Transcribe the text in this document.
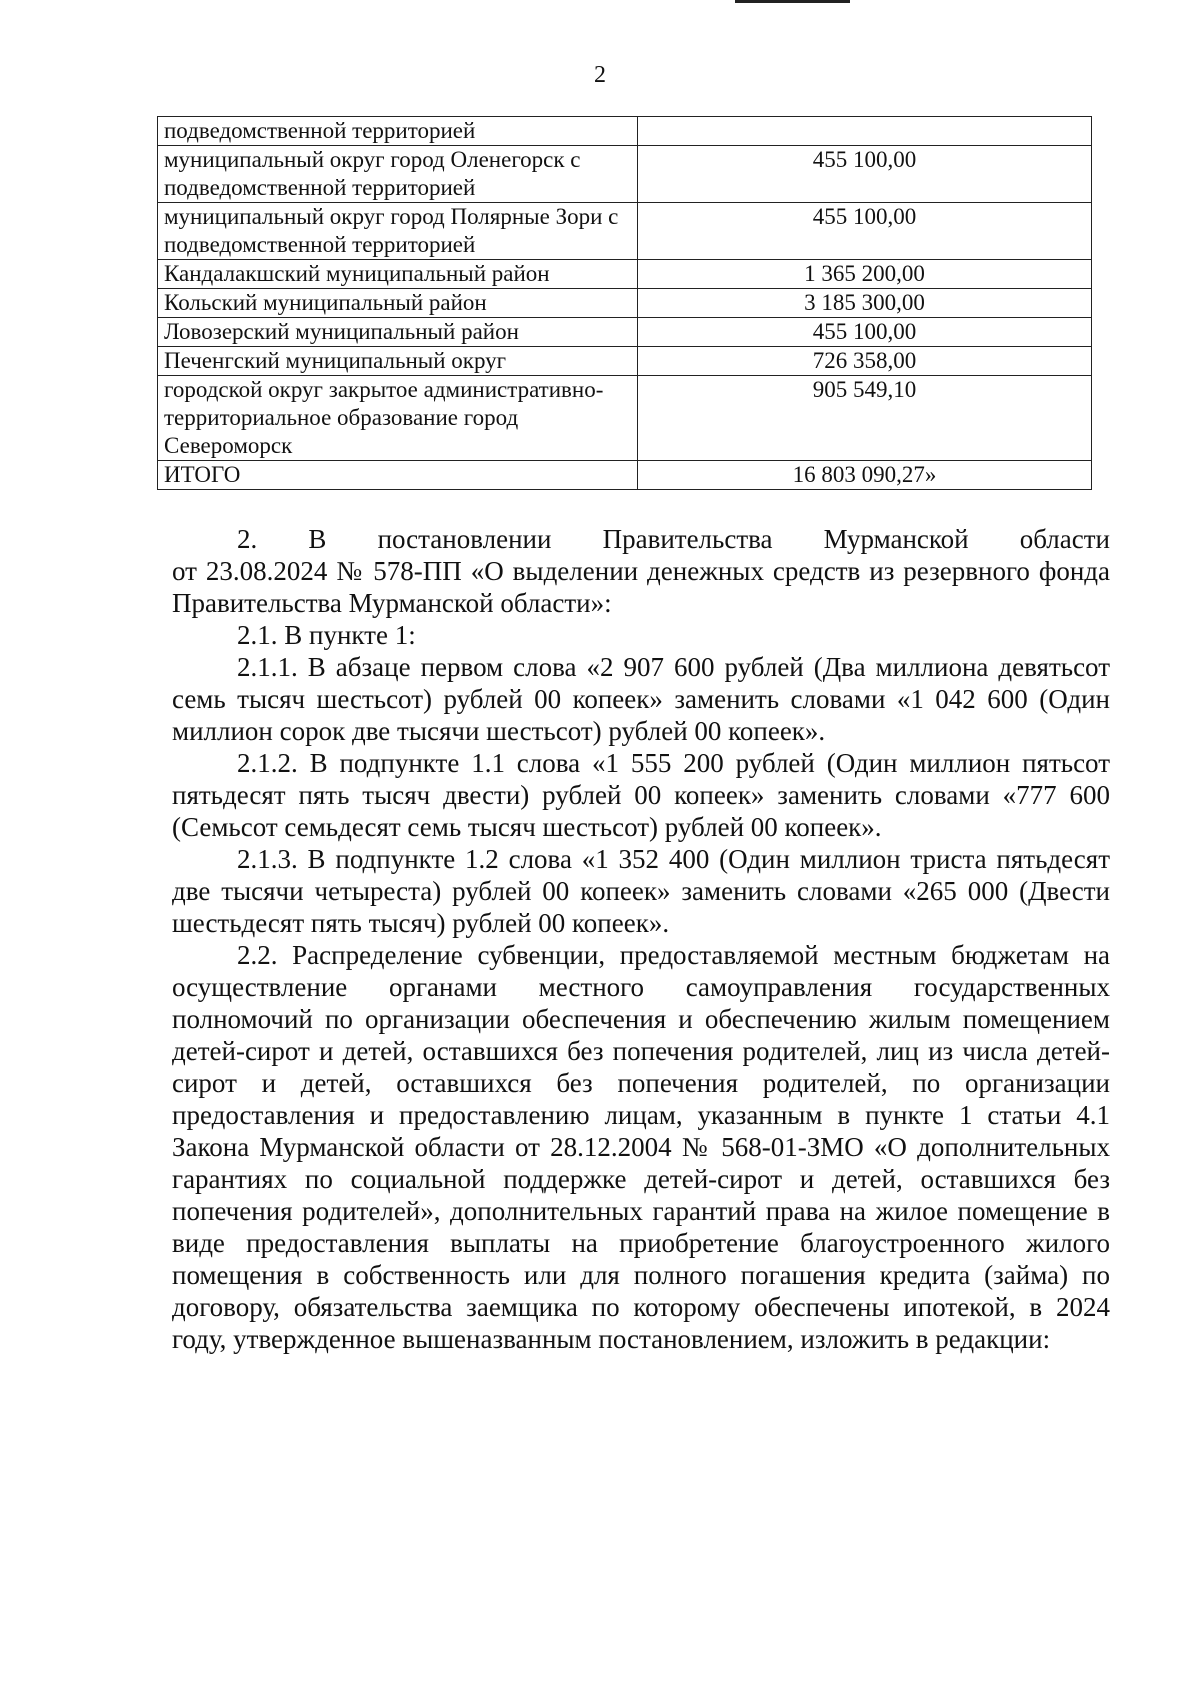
2
подведомственной территорией	
муниципальный округ город Оленегорск с подведомственной территорией	455 100,00
муниципальный округ город Полярные Зори с подведомственной территорией	455 100,00
Кандалакшский муниципальный район	1 365 200,00
Кольский муниципальный район	3 185 300,00
Ловозерский муниципальный район	455 100,00
Печенгский муниципальный округ	726 358,00
городской округ закрытое административно-территориальное образование город Североморск	905 549,10
ИТОГО	16 803 090,27»

2. В постановлении Правительства Мурманской области

от 23.08.2024 № 578-ПП «О выделении денежных средств из резервного фонда Правительства Мурманской области»:

2.1. В пункте 1:

2.1.1. В абзаце первом слова «2 907 600 рублей (Два миллиона девятьсот семь тысяч шестьсот) рублей 00 копеек» заменить словами «1 042 600 (Один миллион сорок две тысячи шестьсот) рублей 00 копеек».

2.1.2. В подпункте 1.1 слова «1 555 200 рублей (Один миллион пятьсот пятьдесят пять тысяч двести) рублей 00 копеек» заменить словами «777 600 (Семьсот семьдесят семь тысяч шестьсот) рублей 00 копеек».

2.1.3. В подпункте 1.2 слова «1 352 400 (Один миллион триста пятьдесят две тысячи четыреста) рублей 00 копеек» заменить словами «265 000 (Двести шестьдесят пять тысяч) рублей 00 копеек».

2.2. Распределение субвенции, предоставляемой местным бюджетам на осуществление органами местного самоуправления государственных полномочий по организации обеспечения и обеспечению жилым помещением детей-сирот и детей, оставшихся без попечения родителей, лиц из числа детей-сирот и детей, оставшихся без попечения родителей, по организации предоставления и предоставлению лицам, указанным в пункте 1 статьи 4.1 Закона Мурманской области от 28.12.2004 № 568-01-ЗМО «О дополнительных гарантиях по социальной поддержке детей-сирот и детей, оставшихся без попечения родителей», дополнительных гарантий права на жилое помещение в виде предоставления выплаты на приобретение благоустроенного жилого помещения в собственность или для полного погашения кредита (займа) по договору, обязательства заемщика по которому обеспечены ипотекой, в 2024 году, утвержденное вышеназванным постановлением, изложить в редакции:
